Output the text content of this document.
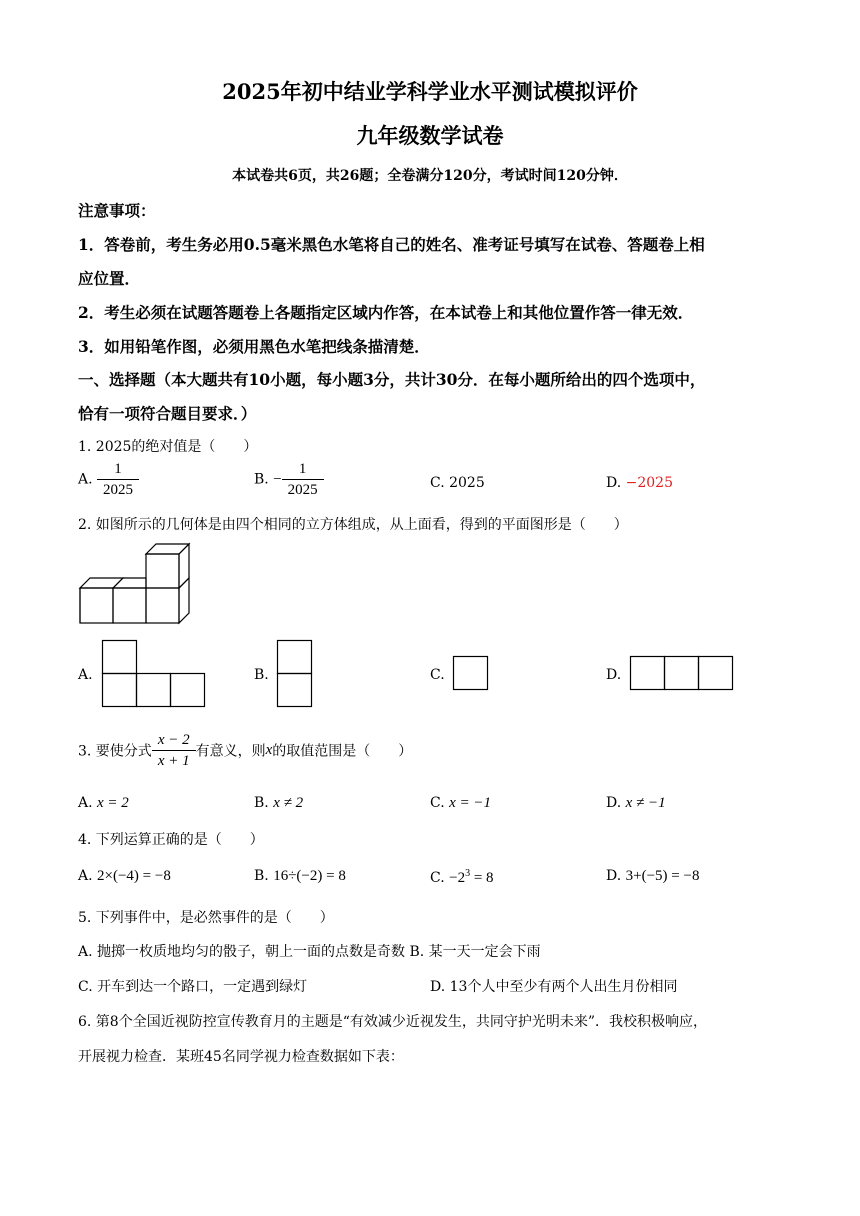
2025年初中结业学科学业水平测试模拟评价
九年级数学试卷
本试卷共6页，共26题；全卷满分120分，考试时间120分钟．
注意事项：
1．答卷前，考生务必用0.5毫米黑色水笔将自己的姓名、准考证号填写在试卷、答题卷上相
应位置．
2．考生必须在试题答题卷上各题指定区域内作答，在本试卷上和其他位置作答一律无效．
3．如用铅笔作图，必须用黑色水笔把线条描清楚．
一、选择题（本大题共有10小题，每小题3分，共计30分．在每小题所给出的四个选项中，
恰有一项符合题目要求．）
1. 2025的绝对值是（　　）
A. $\frac{1}{2025}$	B. − $\frac{1}{2025}$	C. 2025	D. −2025
2. 如图所示的几何体是由四个相同的立方体组成，从上面看，得到的平面图形是（　　）
A.	B.	C.	D.
3. 要使分式 $\frac{x - 2}{x + 1}$ 有意义，则x的取值范围是（　　）
A. x = 2	B. x ≠ 2	C. x = −1	D. x ≠ −1
4. 下列运算正确的是（　　）
A. 2×(−4) = −8	B. 16÷(−2) = 8	C. $-2^3 = 8$	D. 3+(−5) = −8
5. 下列事件中，是必然事件的是（　　）
A. 抛掷一枚质地均匀的骰子，朝上一面的点数是奇数 B. 某一天一定会下雨
C. 开车到达一个路口，一定遇到绿灯	D. 13个人中至少有两个人出生月份相同
6. 第8个全国近视防控宣传教育月的主题是“有效减少近视发生，共同守护光明未来”．我校积极响应，
开展视力检查．某班45名同学视力检查数据如下表：
